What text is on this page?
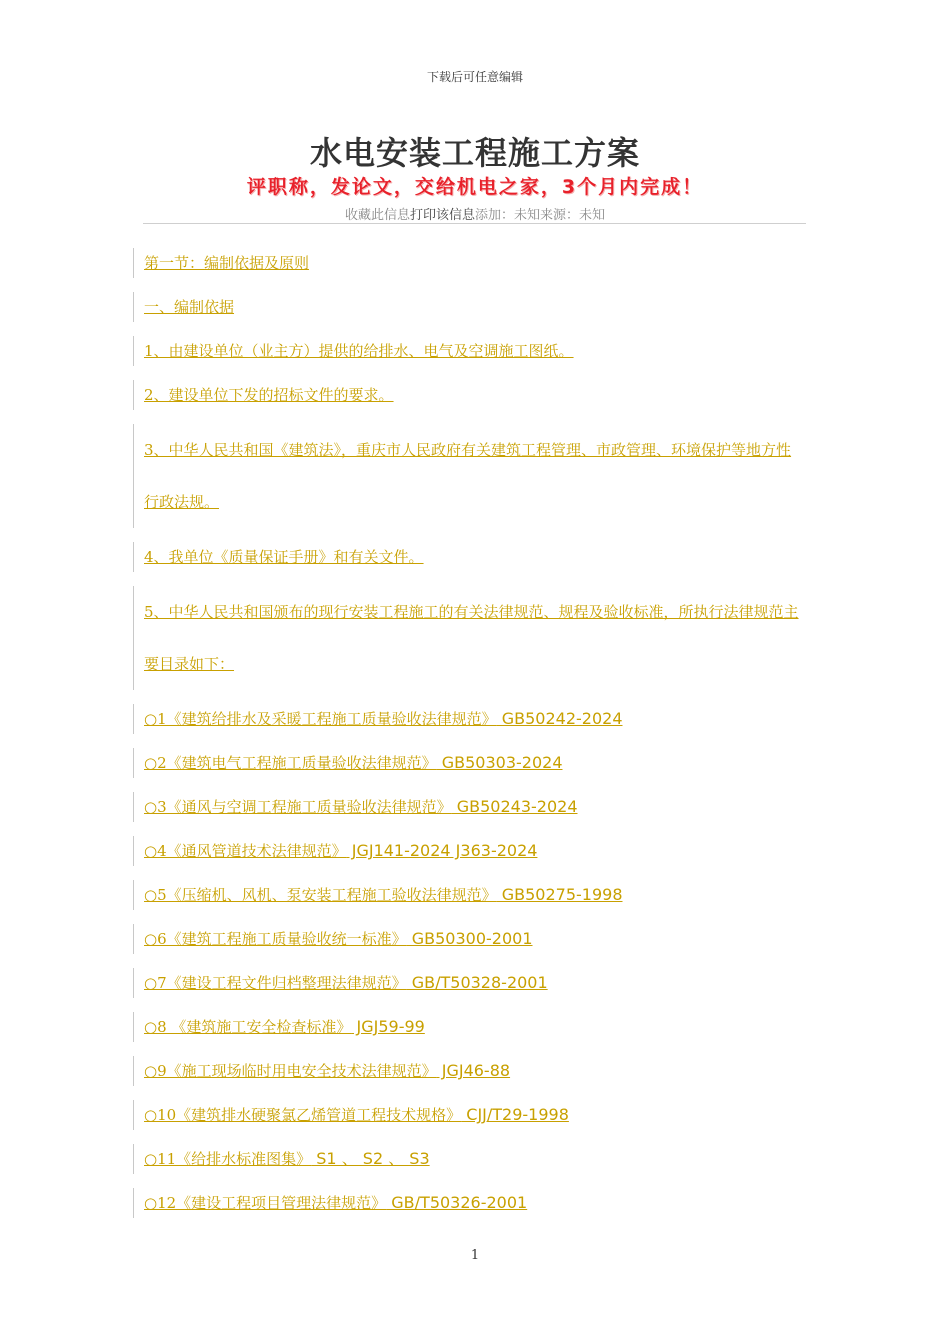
下载后可任意编辑
水电安装工程施工方案
评职称，发论文，交给机电之家，3个月内完成！
收藏此信息打印该信息添加：未知来源：未知
第一节：编制依据及原则
一、编制依据
1、由建设单位（业主方）提供的给排水、电气及空调施工图纸。
2、建设单位下发的招标文件的要求。
3、中华人民共和国《建筑法》，重庆市人民政府有关建筑工程管理、市政管理、环境保护等地方性行政法规。
4、我单位《质量保证手册》和有关文件。
5、中华人民共和国颁布的现行安装工程施工的有关法律规范、规程及验收标准，所执行法律规范主要目录如下：
○1《建筑给排水及采暖工程施工质量验收法律规范》 GB50242-2024
○2《建筑电气工程施工质量验收法律规范》 GB50303-2024
○3《通风与空调工程施工质量验收法律规范》 GB50243-2024
○4《通风管道技术法律规范》 JGJ141-2024 J363-2024
○5《压缩机、风机、泵安装工程施工验收法律规范》 GB50275-1998
○6《建筑工程施工质量验收统一标准》 GB50300-2001
○7《建设工程文件归档整理法律规范》 GB/T50328-2001
○8 《建筑施工安全检查标准》 JGJ59-99
○9《施工现场临时用电安全技术法律规范》 JGJ46-88
○10《建筑排水硬聚氯乙烯管道工程技术规格》 CJJ/T29-1998
○11《给排水标准图集》 S1 、 S2 、 S3
○12《建设工程项目管理法律规范》 GB/T50326-2001
1
